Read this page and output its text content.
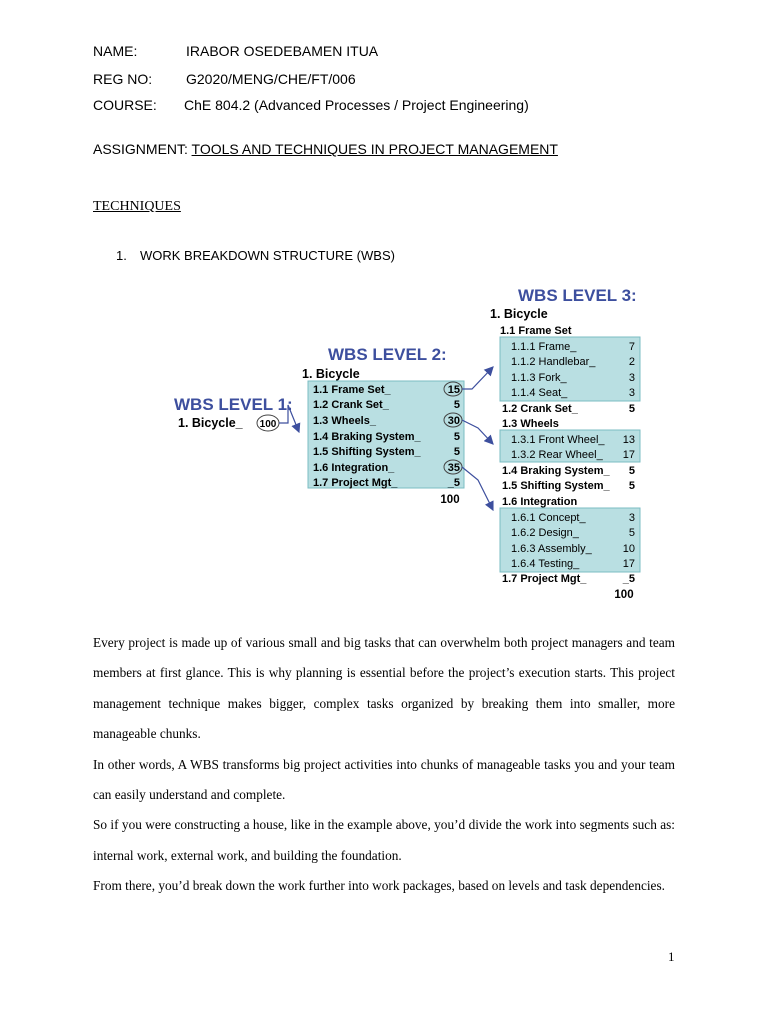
NAME:	IRABOR OSEDEBAMEN ITUA
REG NO: G2020/MENG/CHE/FT/006
COURSE: ChE 804.2 (Advanced Processes / Project Engineering)
ASSIGNMENT: TOOLS AND TECHNIQUES IN PROJECT MANAGEMENT
TECHNIQUES
1. WORK BREAKDOWN STRUCTURE (WBS)
WBS LEVEL 1:
1. Bicycle_ 100
WBS LEVEL 2:
1. Bicycle
1.1 Frame Set_	15
1.2 Crank Set_	5
1.3 Wheels_	30
1.4 Braking System_	5
1.5 Shifting System_	5
1.6 Integration_	35
1.7 Project Mgt_	_5
100
WBS LEVEL 3:
1. Bicycle
1.1 Frame Set
1.1.1 Frame_	7
1.1.2 Handlebar_	2
1.1.3 Fork_	3
1.1.4 Seat_	3
1.2 Crank Set_	5
1.3 Wheels
1.3.1 Front Wheel_ 13
1.3.2 Rear Wheel_ 17
1.4 Braking System_ 5
1.5 Shifting System_ 5
1.6 Integration
1.6.1 Concept_	3
1.6.2 Design_	5
1.6.3 Assembly_	10
1.6.4 Testing_	17
1.7 Project Mgt_	_5
100

Every project is made up of various small and big tasks that can overwhelm both project managers and team members at first glance. This is why planning is essential before the project’s execution starts. This project management technique makes bigger, complex tasks organized by breaking them into smaller, more manageable chunks.

In other words, A WBS transforms big project activities into chunks of manageable tasks you and your team can easily understand and complete.

So if you were constructing a house, like in the example above, you’d divide the work into segments such as: internal work, external work, and building the foundation.

From there, you’d break down the work further into work packages, based on levels and task dependencies.

1
